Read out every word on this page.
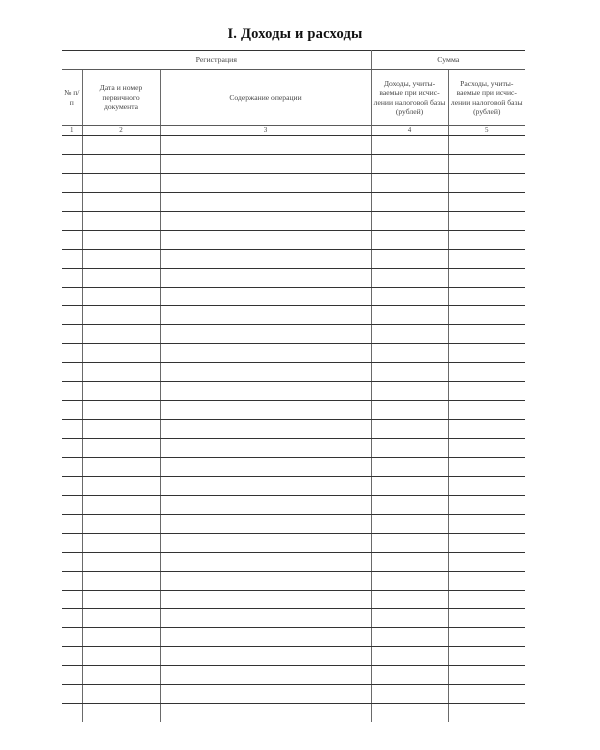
I. Доходы и расходы
Регистрация			Сумма	

№ п/п	Дата и номер первичного документа	Содержание операции	Доходы, учиты-ваемые при исчис-лении налоговой базы (рублей)	Расходы, учиты-ваемые при исчис-лении налоговой базы (рублей)

1	2	3	4	5
